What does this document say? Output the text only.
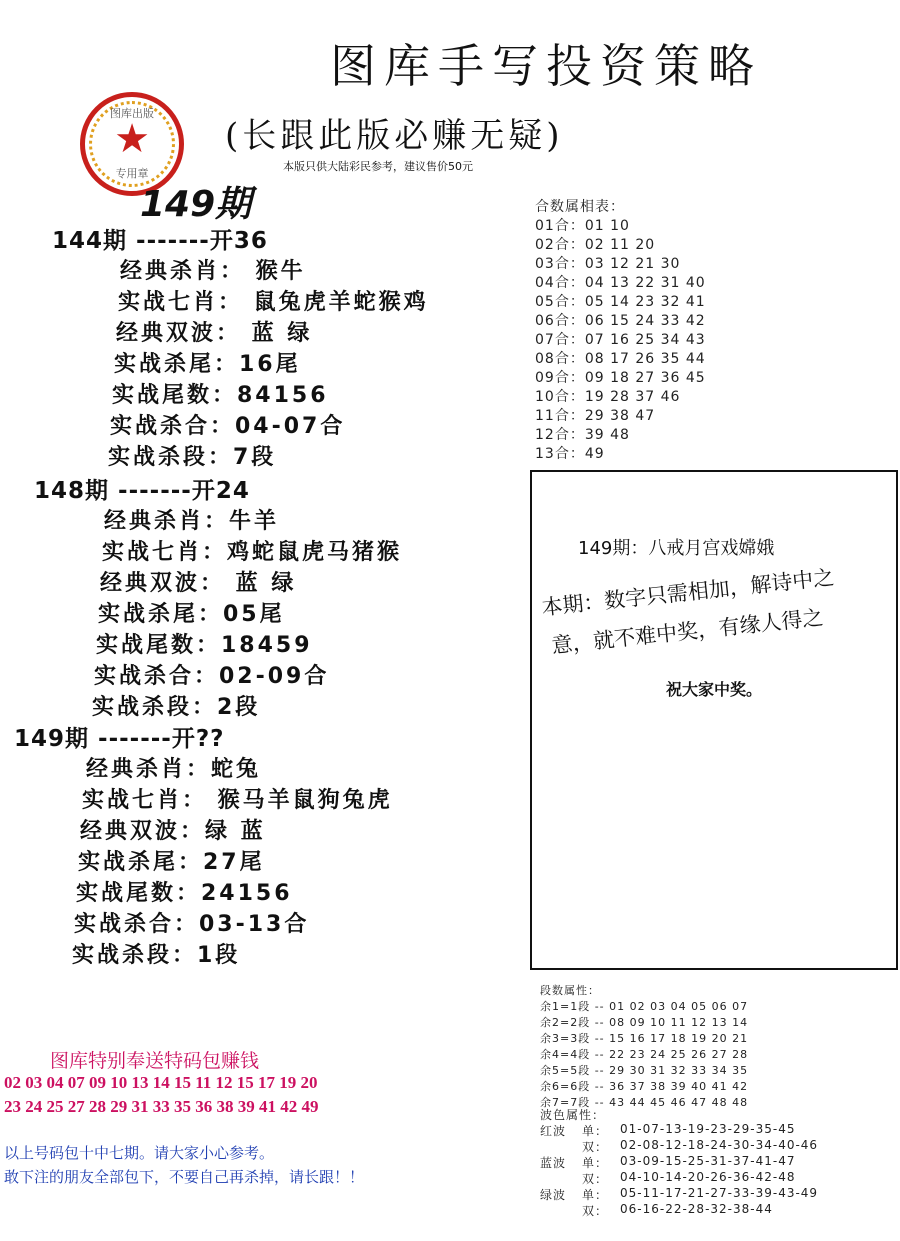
图库手写投资策略
(长跟此版必赚无疑)
本版只供大陆彩民参考，建议售价50元
图库出版
★
专用章
149期
144期 -------开36
经典杀肖： 猴牛
实战七肖： 鼠兔虎羊蛇猴鸡
经典双波： 蓝 绿
实战杀尾：16尾
实战尾数：84156
实战杀合：04-07合
实战杀段：7段
148期 -------开24
经典杀肖：牛羊
实战七肖：鸡蛇鼠虎马猪猴
经典双波： 蓝 绿
实战杀尾：05尾
实战尾数：18459
实战杀合：02-09合
实战杀段：2段
149期 -------开??
经典杀肖：蛇兔
实战七肖： 猴马羊鼠狗兔虎
经典双波：绿 蓝
实战杀尾：27尾
实战尾数：24156
实战杀合：03-13合
实战杀段：1段
合数属相表：
01合：01 10
02合：02 11 20
03合：03 12 21 30
04合：04 13 22 31 40
05合：05 14 23 32 41
06合：06 15 24 33 42
07合：07 16 25 34 43
08合：08 17 26 35 44
09合：09 18 27 36 45
10合：19 28 37 46
11合：29 38 47
12合：39 48
13合：49
149期：八戒月宫戏嫦娥
本期：数字只需相加，解诗中之
意，就不难中奖，有缘人得之
祝大家中奖。
段数属性：
余1=1段 -- 01 02 03 04 05 06 07
余2=2段 -- 08 09 10 11 12 13 14
余3=3段 -- 15 16 17 18 19 20 21
余4=4段 -- 22 23 24 25 26 27 28
余5=5段 -- 29 30 31 32 33 34 35
余6=6段 -- 36 37 38 39 40 41 42
余7=7段 -- 43 44 45 46 47 48 48
波色属性：
红波	单： 01-07-13-19-23-29-35-45
双： 02-08-12-18-24-30-34-40-46
蓝波	单： 03-09-15-25-31-37-41-47
双： 04-10-14-20-26-36-42-48
绿波	单： 05-11-17-21-27-33-39-43-49
双： 06-16-22-28-32-38-44
图库特别奉送特码包赚钱
02 03 04 07 09 10 13 14 15 11 12 15 17 19 20
23 24 25 27 28 29 31 33 35 36 38 39 41 42 49
以上号码包十中七期。请大家小心参考。
敢下注的朋友全部包下，不要自己再杀掉，请长跟！！
